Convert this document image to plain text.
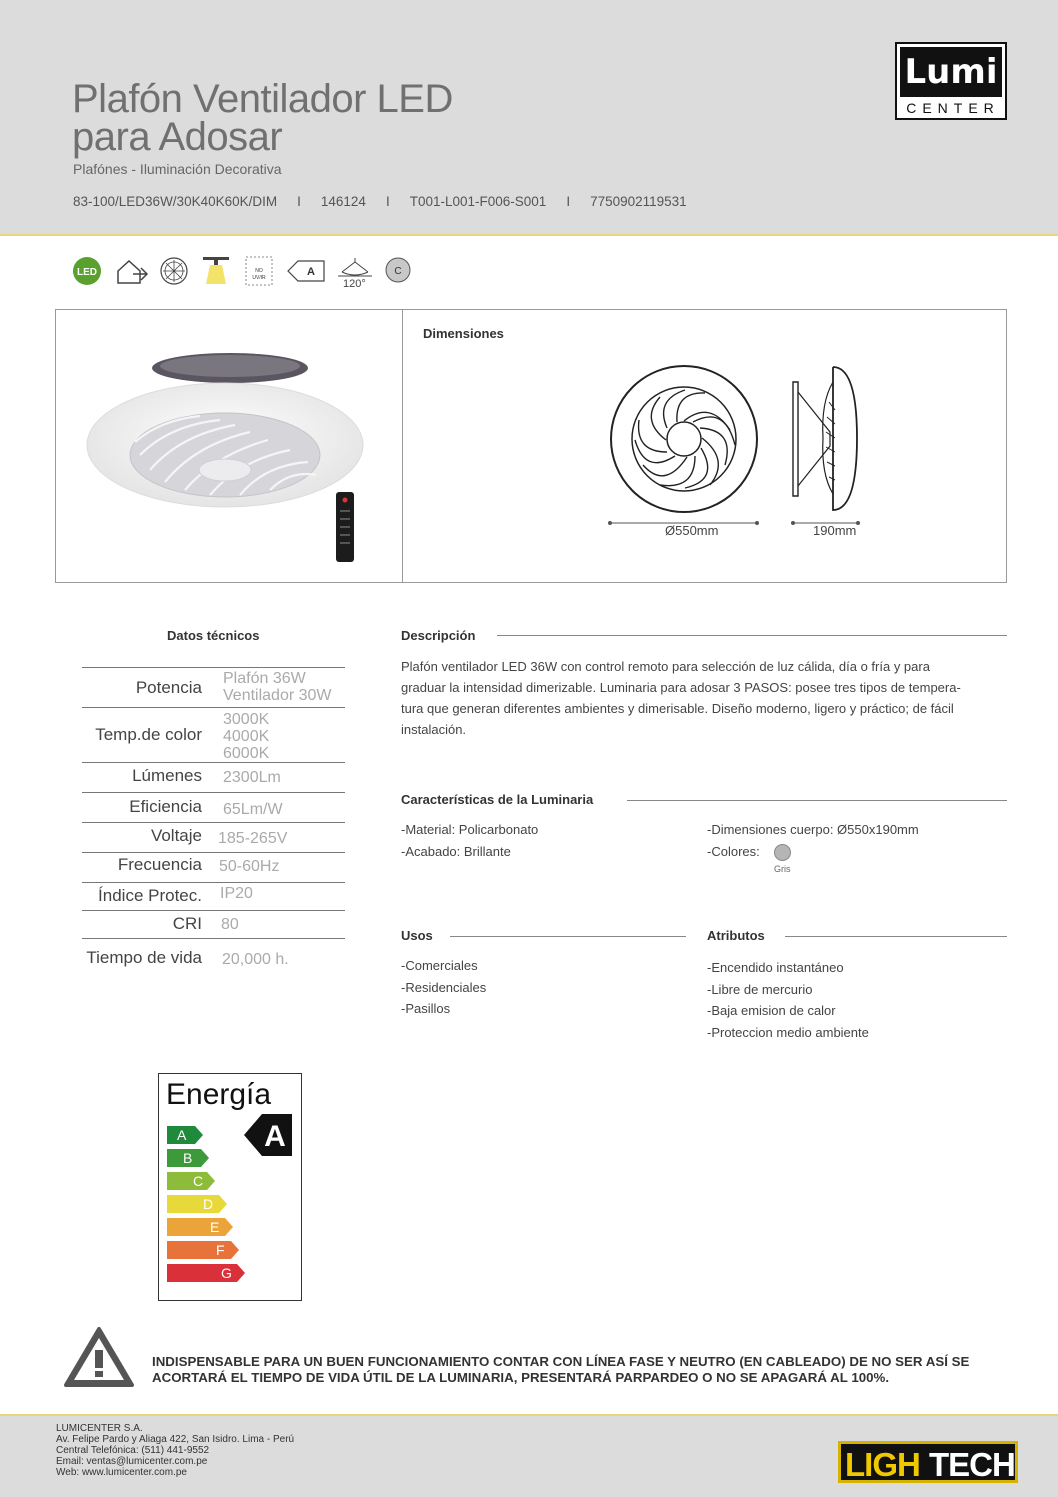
Plafón Ventilador LED
para Adosar
Plafónes - Iluminación Decorativa
83-100/LED36W/30K40K60K/DIM I 146124 I T001-L001-F006-S001 I 7750902119531
Lumi
CENTER
LED	NO
UV/IR	A
120°
C
Dimensiones
Ø550mm	190mm
Datos técnicos
Potencia Plafón 36W
Ventilador 30W
Temp.de color
3000K
4000K
6000K
Lúmenes 2300Lm
Eficiencia 65Lm/W
Voltaje 185-265V
Frecuencia 50-60Hz
Índice Protec. IP20
CRI 80
Tiempo de vida 20,000 h.
Descripción
Plafón ventilador LED 36W con control remoto para selección de luz cálida, día o fría y para
graduar la intensidad dimerizable. Luminaria para adosar 3 PASOS: posee tres tipos de tempera-
tura que generan diferentes ambientes y dimerisable. Diseño moderno, ligero y práctico; de fácil
instalación.
Características de la Luminaria
-Material: Policarbonato
-Acabado: Brillante
-Dimensiones cuerpo: Ø550x190mm
-Colores:
Gris
Usos
-Comerciales
-Residenciales
-Pasillos
Atributos
-Encendido instantáneo
-Libre de mercurio
-Baja emision de calor
-Proteccion medio ambiente
Energía
A
A
B
C
D
E
F
G
INDISPENSABLE PARA UN BUEN FUNCIONAMIENTO CONTAR CON LÍNEA FASE Y NEUTRO (EN CABLEADO) DE NO SER ASÍ SE
ACORTARÁ EL TIEMPO DE VIDA ÚTIL DE LA LUMINARIA, PRESENTARÁ PARPARDEO O NO SE APAGARÁ AL 100%.
LUMICENTER S.A.
Av. Felipe Pardo y Aliaga 422, San Isidro. Lima - Perú
Central Telefónica: (511) 441-9552
Email: ventas@lumicenter.com.pe
Web: www.lumicenter.com.pe	LIGH TECH
